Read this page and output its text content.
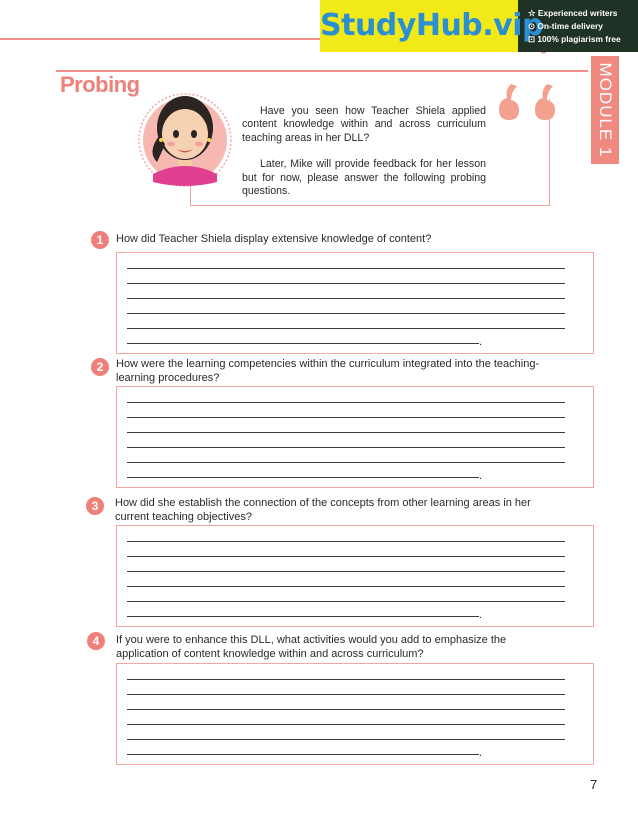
StudyHub.vip
☆ Experienced writers
⊙ On-time delivery
⊡ 100% plagiarism free
MODULE 1
Probing

Have you seen how Teacher Shiela applied content knowledge within and across curriculum teaching areas in her DLL?

Later, Mike will provide feedback for her lesson but for now, please answer the following probing questions.

1	How did Teacher Shiela display extensive knowledge of content?
.
2	How were the learning competencies within the curriculum integrated into the teaching-learning procedures?
.
3	How did she establish the connection of the concepts from other learning areas in her current teaching objectives?
.
4	If you were to enhance this DLL, what activities would you add to emphasize the application of content knowledge within and across curriculum?
.
7
